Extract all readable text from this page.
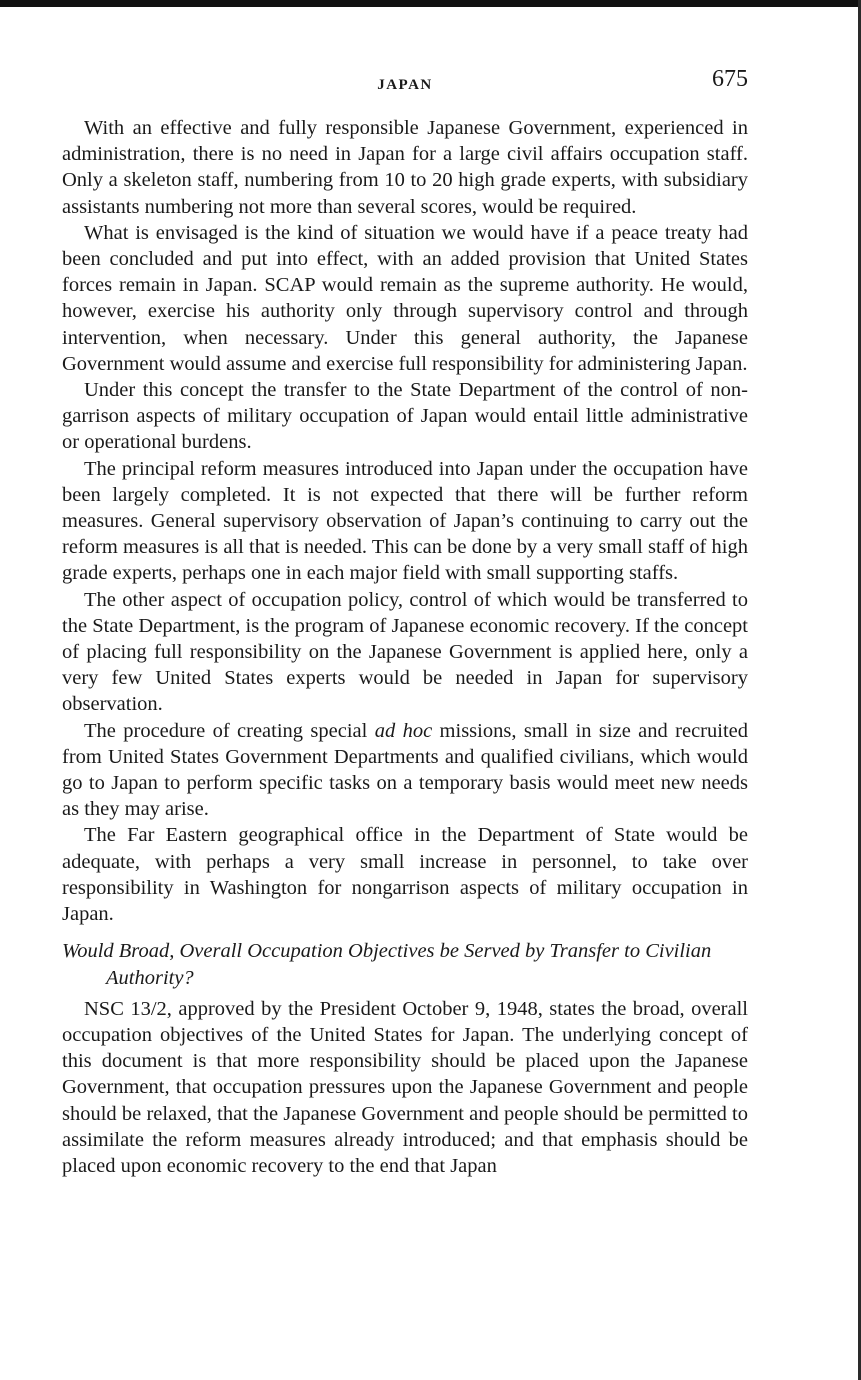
JAPAN	675

With an effective and fully responsible Japanese Government, experienced in administration, there is no need in Japan for a large civil affairs occupation staff. Only a skeleton staff, numbering from 10 to 20 high grade experts, with subsidiary assistants numbering not more than several scores, would be required.

What is envisaged is the kind of situation we would have if a peace treaty had been concluded and put into effect, with an added provision that United States forces remain in Japan. SCAP would remain as the supreme authority. He would, however, exercise his authority only through supervisory control and through intervention, when necessary. Under this general authority, the Japanese Government would assume and exercise full responsibility for administering Japan.

Under this concept the transfer to the State Department of the control of non-garrison aspects of military occupation of Japan would entail little administrative or operational burdens.

The principal reform measures introduced into Japan under the occupation have been largely completed. It is not expected that there will be further reform measures. General supervisory observation of Japan’s continuing to carry out the reform measures is all that is needed. This can be done by a very small staff of high grade experts, perhaps one in each major field with small supporting staffs.

The other aspect of occupation policy, control of which would be transferred to the State Department, is the program of Japanese economic recovery. If the concept of placing full responsibility on the Japanese Government is applied here, only a very few United States experts would be needed in Japan for supervisory observation.

The procedure of creating special ad hoc missions, small in size and recruited from United States Government Departments and qualified civilians, which would go to Japan to perform specific tasks on a temporary basis would meet new needs as they may arise.

The Far Eastern geographical office in the Department of State would be adequate, with perhaps a very small increase in personnel, to take over responsibility in Washington for nongarrison aspects of military occupation in Japan.

Would Broad, Overall Occupation Objectives be Served by Transfer to Civilian Authority?

NSC 13/2, approved by the President October 9, 1948, states the broad, overall occupation objectives of the United States for Japan. The underlying concept of this document is that more responsibility should be placed upon the Japanese Government, that occupation pressures upon the Japanese Government and people should be relaxed, that the Japanese Government and people should be permitted to assimilate the reform measures already introduced; and that emphasis should be placed upon economic recovery to the end that Japan
